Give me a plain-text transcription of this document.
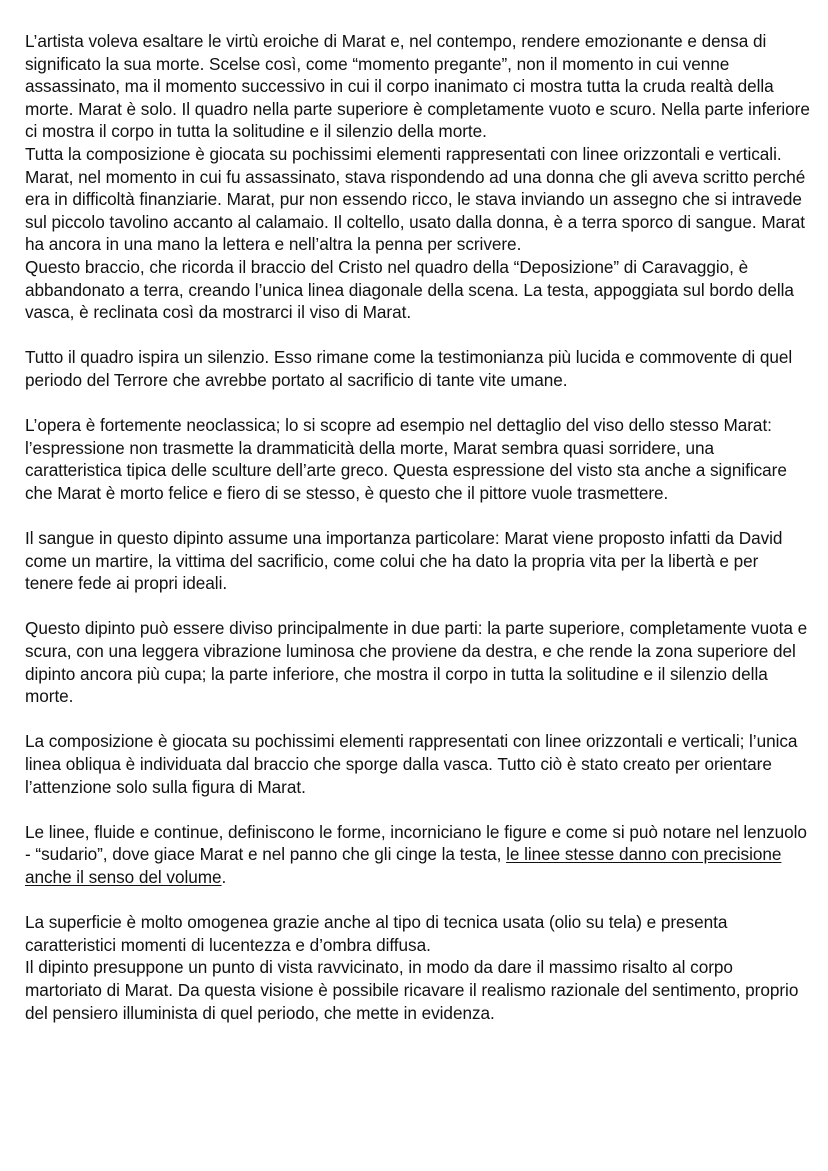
L’artista voleva esaltare le virtù eroiche di Marat e, nel contempo, rendere emozionante e densa di significato la sua morte. Scelse così, come “momento pregante”, non il momento in cui venne assassinato, ma il momento successivo in cui il corpo inanimato ci mostra tutta la cruda realtà della morte. Marat è solo. Il quadro nella parte superiore è completamente vuoto e scuro. Nella parte inferiore ci mostra il corpo in tutta la solitudine e il silenzio della morte.

Tutta la composizione è giocata su pochissimi elementi rappresentati con linee orizzontali e verticali. Marat, nel momento in cui fu assassinato, stava rispondendo ad una donna che gli aveva scritto perché era in difficoltà finanziarie. Marat, pur non essendo ricco, le stava inviando un assegno che si intravede sul piccolo tavolino accanto al calamaio. Il coltello, usato dalla donna, è a terra sporco di sangue. Marat ha ancora in una mano la lettera e nell’altra la penna per scrivere.

Questo braccio, che ricorda il braccio del Cristo nel quadro della “Deposizione” di Caravaggio, è abbandonato a terra, creando l’unica linea diagonale della scena. La testa, appoggiata sul bordo della vasca, è reclinata così da mostrarci il viso di Marat.

Tutto il quadro ispira un silenzio. Esso rimane come la testimonianza più lucida e commovente di quel periodo del Terrore che avrebbe portato al sacrificio di tante vite umane.

L’opera è fortemente neoclassica; lo si scopre ad esempio nel dettaglio del viso dello stesso Marat: l’espressione non trasmette la drammaticità della morte, Marat sembra quasi sorridere, una caratteristica tipica delle sculture dell’arte greco. Questa espressione del visto sta anche a significare che Marat è morto felice e fiero di se stesso, è questo che il pittore vuole trasmettere.

Il sangue in questo dipinto assume una importanza particolare: Marat viene proposto infatti da David come un martire, la vittima del sacrificio, come colui che ha dato la propria vita per la libertà e per tenere fede ai propri ideali.

Questo dipinto può essere diviso principalmente in due parti: la parte superiore, completamente vuota e scura, con una leggera vibrazione luminosa che proviene da destra, e che rende la zona superiore del dipinto ancora più cupa; la parte inferiore, che mostra il corpo in tutta la solitudine e il silenzio della morte.

La composizione è giocata su pochissimi elementi rappresentati con linee orizzontali e verticali; l’unica linea obliqua è individuata dal braccio che sporge dalla vasca. Tutto ciò è stato creato per orientare l’attenzione solo sulla figura di Marat.

Le linee, fluide e continue, definiscono le forme, incorniciano le figure e come si può notare nel lenzuolo - “sudario”, dove giace Marat e nel panno che gli cinge la testa, le linee stesse danno con precisione anche il senso del volume.

La superficie è molto omogenea grazie anche al tipo di tecnica usata (olio su tela) e presenta caratteristici momenti di lucentezza e d’ombra diffusa.

Il dipinto presuppone un punto di vista ravvicinato, in modo da dare il massimo risalto al corpo martoriato di Marat. Da questa visione è possibile ricavare il realismo razionale del sentimento, proprio del pensiero illuminista di quel periodo, che mette in evidenza.
